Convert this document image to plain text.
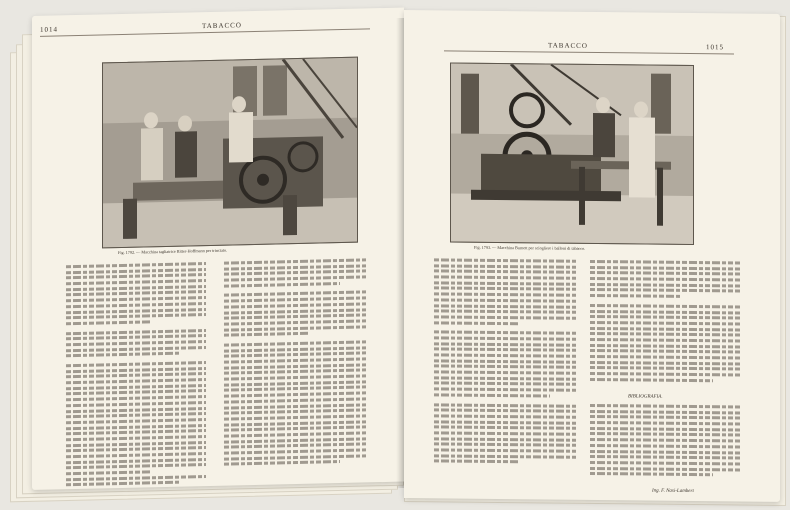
1014	TABACCO
Fig. 1792. — Macchina tagliatrice Ritter-Hoffmann per trinciato.
TABACCO	1015
Fig. 1793. — Macchina Burnett per sciogliere i balloni di tabacco.
BIBLIOGRAFIA.
Ing. F. Nasi-Lambert
